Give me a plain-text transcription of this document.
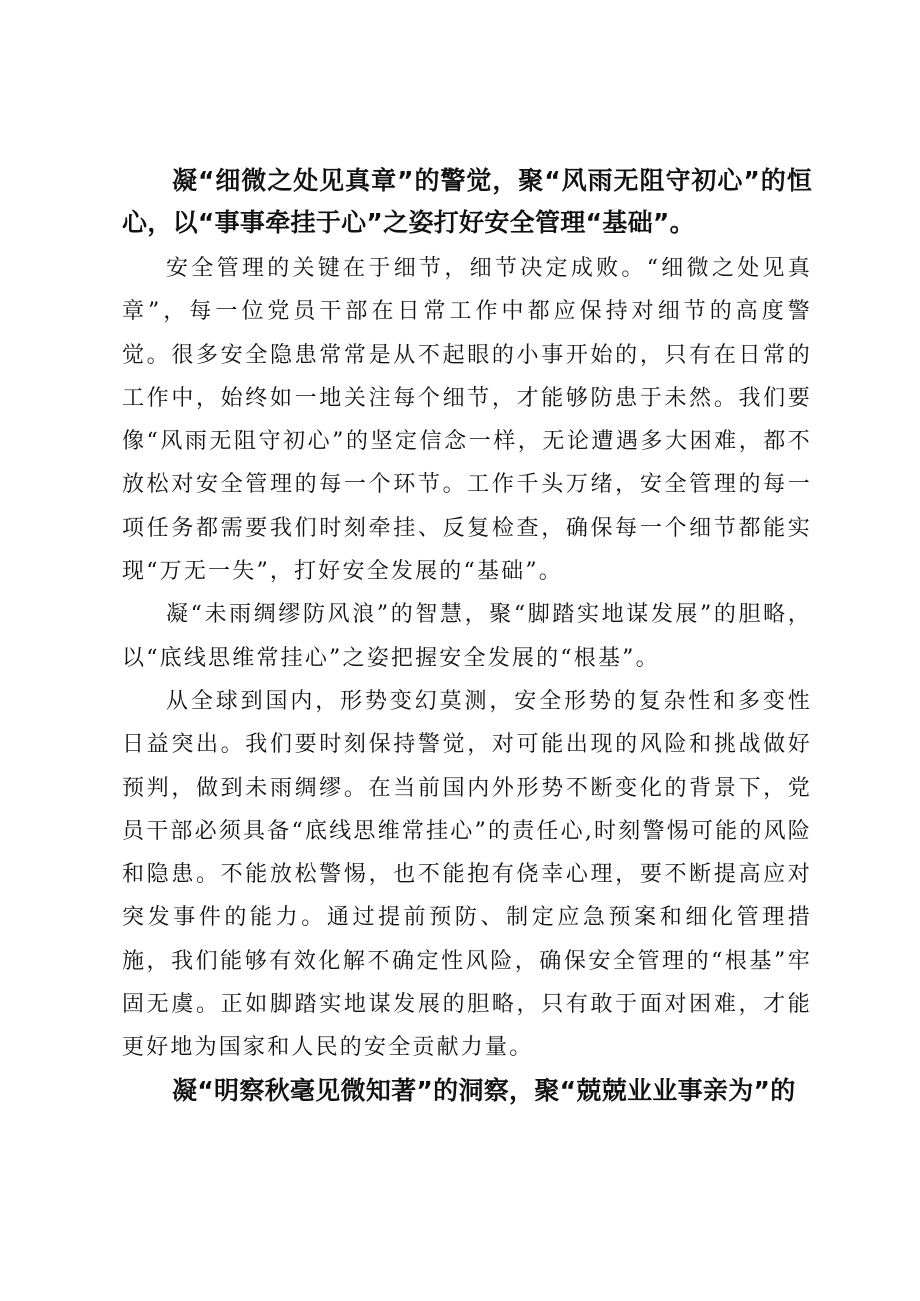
凝“细微之处见真章”的警觉，聚“风雨无阻守初心”的恒心，以“事事牵挂于心”之姿打好安全管理“基础”。

安全管理的关键在于细节，细节决定成败。“细微之处见真章”，每一位党员干部在日常工作中都应保持对细节的高度警觉。很多安全隐患常常是从不起眼的小事开始的，只有在日常的工作中，始终如一地关注每个细节，才能够防患于未然。我们要像“风雨无阻守初心”的坚定信念一样，无论遭遇多大困难，都不放松对安全管理的每一个环节。工作千头万绪，安全管理的每一项任务都需要我们时刻牵挂、反复检查，确保每一个细节都能实现“万无一失”，打好安全发展的“基础”。

凝“未雨绸缪防风浪”的智慧，聚“脚踏实地谋发展”的胆略，以“底线思维常挂心”之姿把握安全发展的“根基”。

从全球到国内，形势变幻莫测，安全形势的复杂性和多变性日益突出。我们要时刻保持警觉，对可能出现的风险和挑战做好预判，做到未雨绸缪。在当前国内外形势不断变化的背景下，党员干部必须具备“底线思维常挂心”的责任心,时刻警惕可能的风险和隐患。不能放松警惕，也不能抱有侥幸心理，要不断提高应对突发事件的能力。通过提前预防、制定应急预案和细化管理措施，我们能够有效化解不确定性风险，确保安全管理的“根基”牢固无虞。正如脚踏实地谋发展的胆略，只有敢于面对困难，才能更好地为国家和人民的安全贡献力量。

凝“明察秋毫见微知著”的洞察，聚“兢兢业业事亲为”的
